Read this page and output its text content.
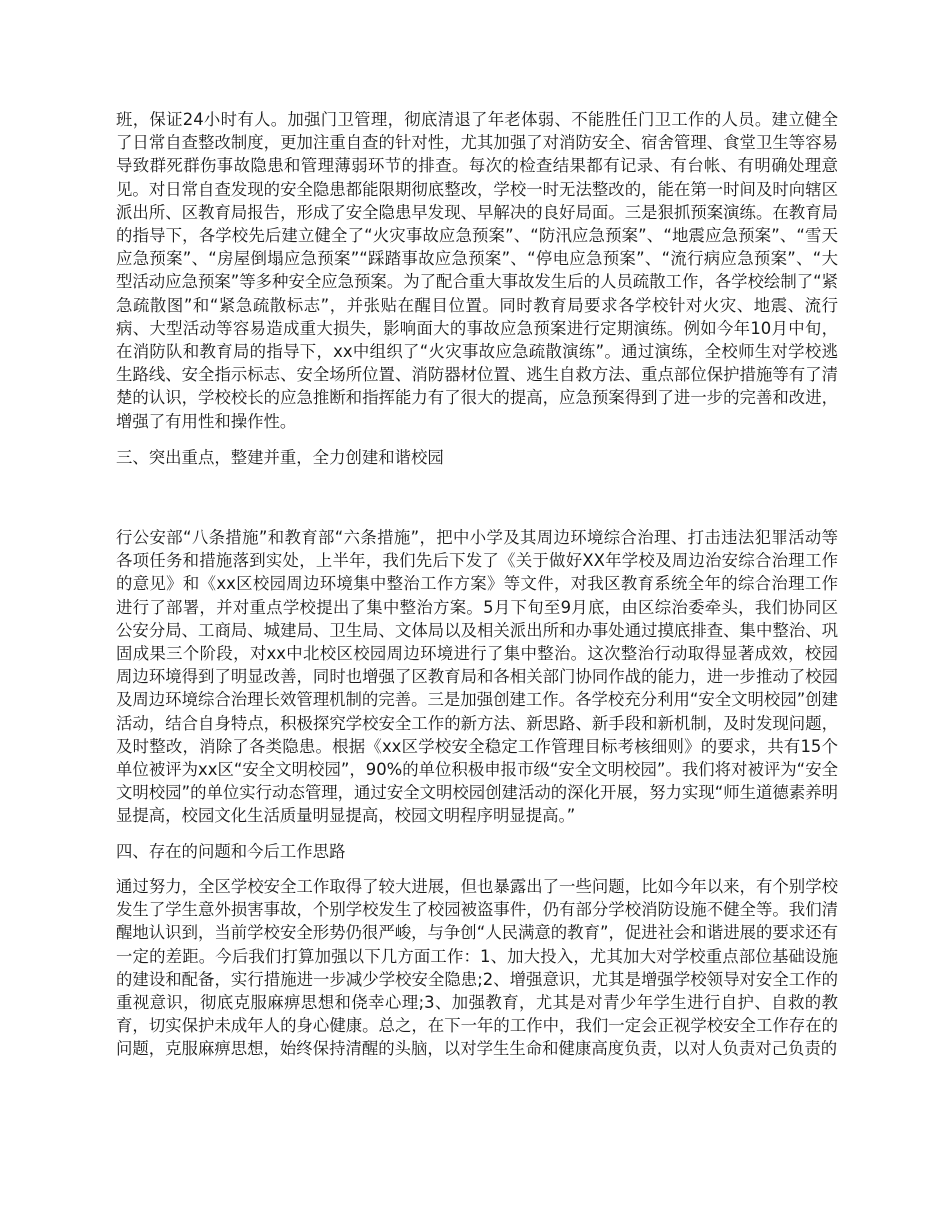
班，保证24小时有人。加强门卫管理，彻底清退了年老体弱、不能胜任门卫工作的人员。建立健全了日常自查整改制度，更加注重自查的针对性，尤其加强了对消防安全、宿舍管理、食堂卫生等容易导致群死群伤事故隐患和管理薄弱环节的排查。每次的检查结果都有记录、有台帐、有明确处理意见。对日常自查发现的安全隐患都能限期彻底整改，学校一时无法整改的，能在第一时间及时向辖区派出所、区教育局报告，形成了安全隐患早发现、早解决的良好局面。三是狠抓预案演练。在教育局的指导下，各学校先后建立健全了“火灾事故应急预案”、“防汛应急预案”、“地震应急预案”、“雪天应急预案”、“房屋倒塌应急预案”“踩踏事故应急预案”、“停电应急预案”、“流行病应急预案”、“大型活动应急预案”等多种安全应急预案。为了配合重大事故发生后的人员疏散工作，各学校绘制了“紧急疏散图”和“紧急疏散标志”，并张贴在醒目位置。同时教育局要求各学校针对火灾、地震、流行病、大型活动等容易造成重大损失，影响面大的事故应急预案进行定期演练。例如今年10月中旬，在消防队和教育局的指导下，xx中组织了“火灾事故应急疏散演练”。通过演练，全校师生对学校逃生路线、安全指示标志、安全场所位置、消防器材位置、逃生自救方法、重点部位保护措施等有了清楚的认识，学校校长的应急推断和指挥能力有了很大的提高，应急预案得到了进一步的完善和改进，增强了有用性和操作性。

三、突出重点，整建并重，全力创建和谐校园

行公安部“八条措施”和教育部“六条措施”，把中小学及其周边环境综合治理、打击违法犯罪活动等各项任务和措施落到实处，上半年，我们先后下发了《关于做好XX年学校及周边治安综合治理工作的意见》和《xx区校园周边环境集中整治工作方案》等文件，对我区教育系统全年的综合治理工作进行了部署，并对重点学校提出了集中整治方案。5月下旬至9月底，由区综治委牵头，我们协同区公安分局、工商局、城建局、卫生局、文体局以及相关派出所和办事处通过摸底排查、集中整治、巩固成果三个阶段，对xx中北校区校园周边环境进行了集中整治。这次整治行动取得显著成效，校园周边环境得到了明显改善，同时也增强了区教育局和各相关部门协同作战的能力，进一步推动了校园及周边环境综合治理长效管理机制的完善。三是加强创建工作。各学校充分利用“安全文明校园”创建活动，结合自身特点，积极探究学校安全工作的新方法、新思路、新手段和新机制，及时发现问题，及时整改，消除了各类隐患。根据《xx区学校安全稳定工作管理目标考核细则》的要求，共有15个单位被评为xx区“安全文明校园”，90%的单位积极申报市级“安全文明校园”。我们将对被评为“安全文明校园”的单位实行动态管理，通过安全文明校园创建活动的深化开展，努力实现“师生道德素养明显提高，校园文化生活质量明显提高，校园文明程序明显提高。”

四、存在的问题和今后工作思路

通过努力，全区学校安全工作取得了较大进展，但也暴露出了一些问题，比如今年以来，有个别学校发生了学生意外损害事故，个别学校发生了校园被盗事件，仍有部分学校消防设施不健全等。我们清醒地认识到，当前学校安全形势仍很严峻，与争创“人民满意的教育”，促进社会和谐进展的要求还有一定的差距。今后我们打算加强以下几方面工作：1、加大投入，尤其加大对学校重点部位基础设施的建设和配备，实行措施进一步减少学校安全隐患;2、增强意识，尤其是增强学校领导对安全工作的重视意识，彻底克服麻痹思想和侥幸心理;3、加强教育，尤其是对青少年学生进行自护、自救的教育，切实保护未成年人的身心健康。总之，在下一年的工作中，我们一定会正视学校安全工作存在的问题，克服麻痹思想，始终保持清醒的头脑，以对学生生命和健康高度负责，以对人负责对己负责的
